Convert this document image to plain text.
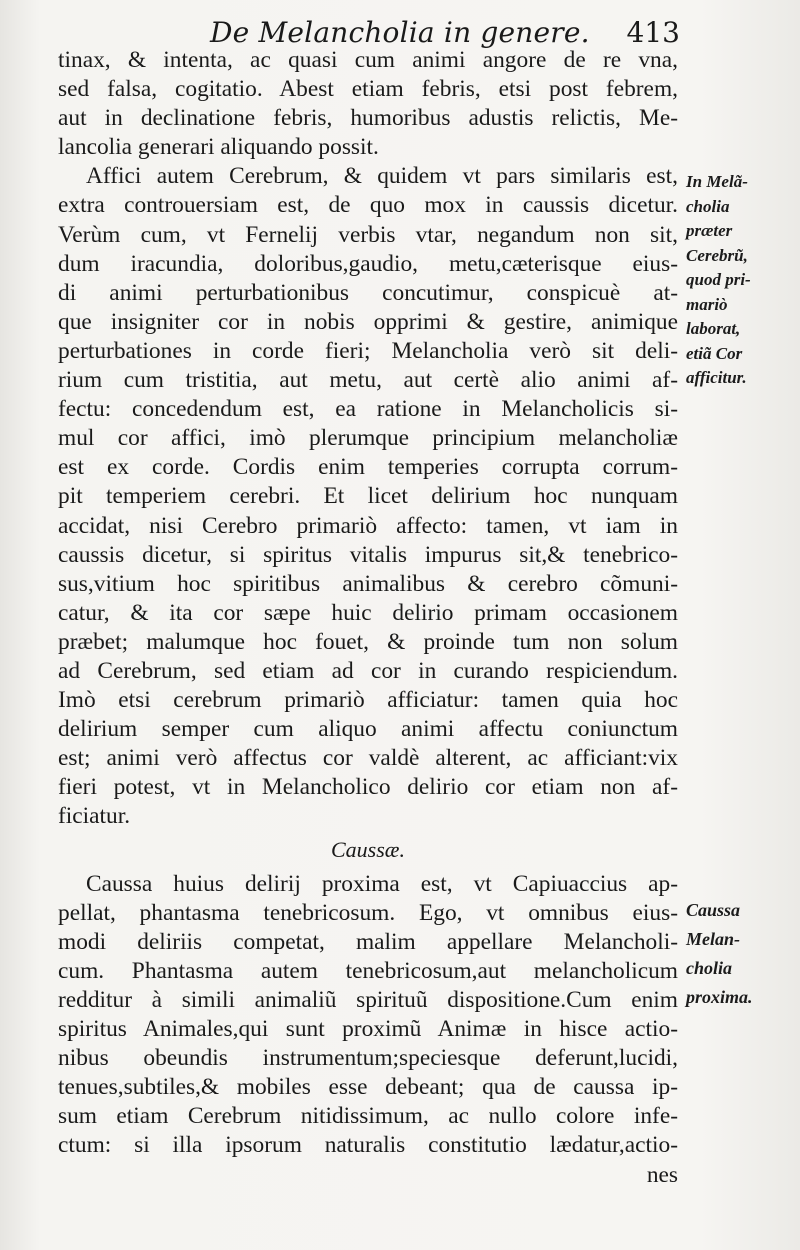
De Melancholia in genere. 413
tinax, & intenta, ac quasi cum animi angore de re vna,
sed falsa, cogitatio. Abest etiam febris, etsi post febrem,
aut in declinatione febris, humoribus adustis relictis, Me-
lancolia generari aliquando possit.
Affici autem Cerebrum, & quidem vt pars similaris est,
extra controuersiam est, de quo mox in caussis dicetur.
Verùm cum, vt Fernelij verbis vtar, negandum non sit,
dum iracundia, doloribus,gaudio, metu,cæterisque eius-
di animi perturbationibus concutimur, conspicuè at-
que insigniter cor in nobis opprimi & gestire, animique
perturbationes in corde fieri; Melancholia verò sit deli-
rium cum tristitia, aut metu, aut certè alio animi af-
fectu: concedendum est, ea ratione in Melancholicis si-
mul cor affici, imò plerumque principium melancholiæ
est ex corde. Cordis enim temperies corrupta corrum-
pit temperiem cerebri. Et licet delirium hoc nunquam
accidat, nisi Cerebro primariò affecto: tamen, vt iam in
caussis dicetur, si spiritus vitalis impurus sit,& tenebrico-
sus,vitium hoc spiritibus animalibus & cerebro cõmuni-
catur, & ita cor sæpe huic delirio primam occasionem
præbet; malumque hoc fouet, & proinde tum non solum
ad Cerebrum, sed etiam ad cor in curando respiciendum.
Imò etsi cerebrum primariò afficiatur: tamen quia hoc
delirium semper cum aliquo animi affectu coniunctum
est; animi verò affectus cor valdè alterent, ac afficiant:vix
fieri potest, vt in Melancholico delirio cor etiam non af-
ficiatur.
Caussæ.
Caussa huius delirij proxima est, vt Capiuaccius ap-
pellat, phantasma tenebricosum. Ego, vt omnibus eius-
modi deliriis competat, malim appellare Melancholi-
cum. Phantasma autem tenebricosum,aut melancholicum
redditur à simili animaliũ spirituũ dispositione.Cum enim
spiritus Animales,qui sunt proximũ Animæ in hisce actio-
nibus obeundis instrumentum;speciesque deferunt,lucidi,
tenues,subtiles,& mobiles esse debeant; qua de caussa ip-
sum etiam Cerebrum nitidissimum, ac nullo colore infe-
ctum: si illa ipsorum naturalis constitutio lædatur,actio-
nes
In Melã-
cholia
præter
Cerebrũ,
quod pri-
mariò
laborat,
etiã Cor
afficitur.
Caussa
Melan-
cholia
proxima.
